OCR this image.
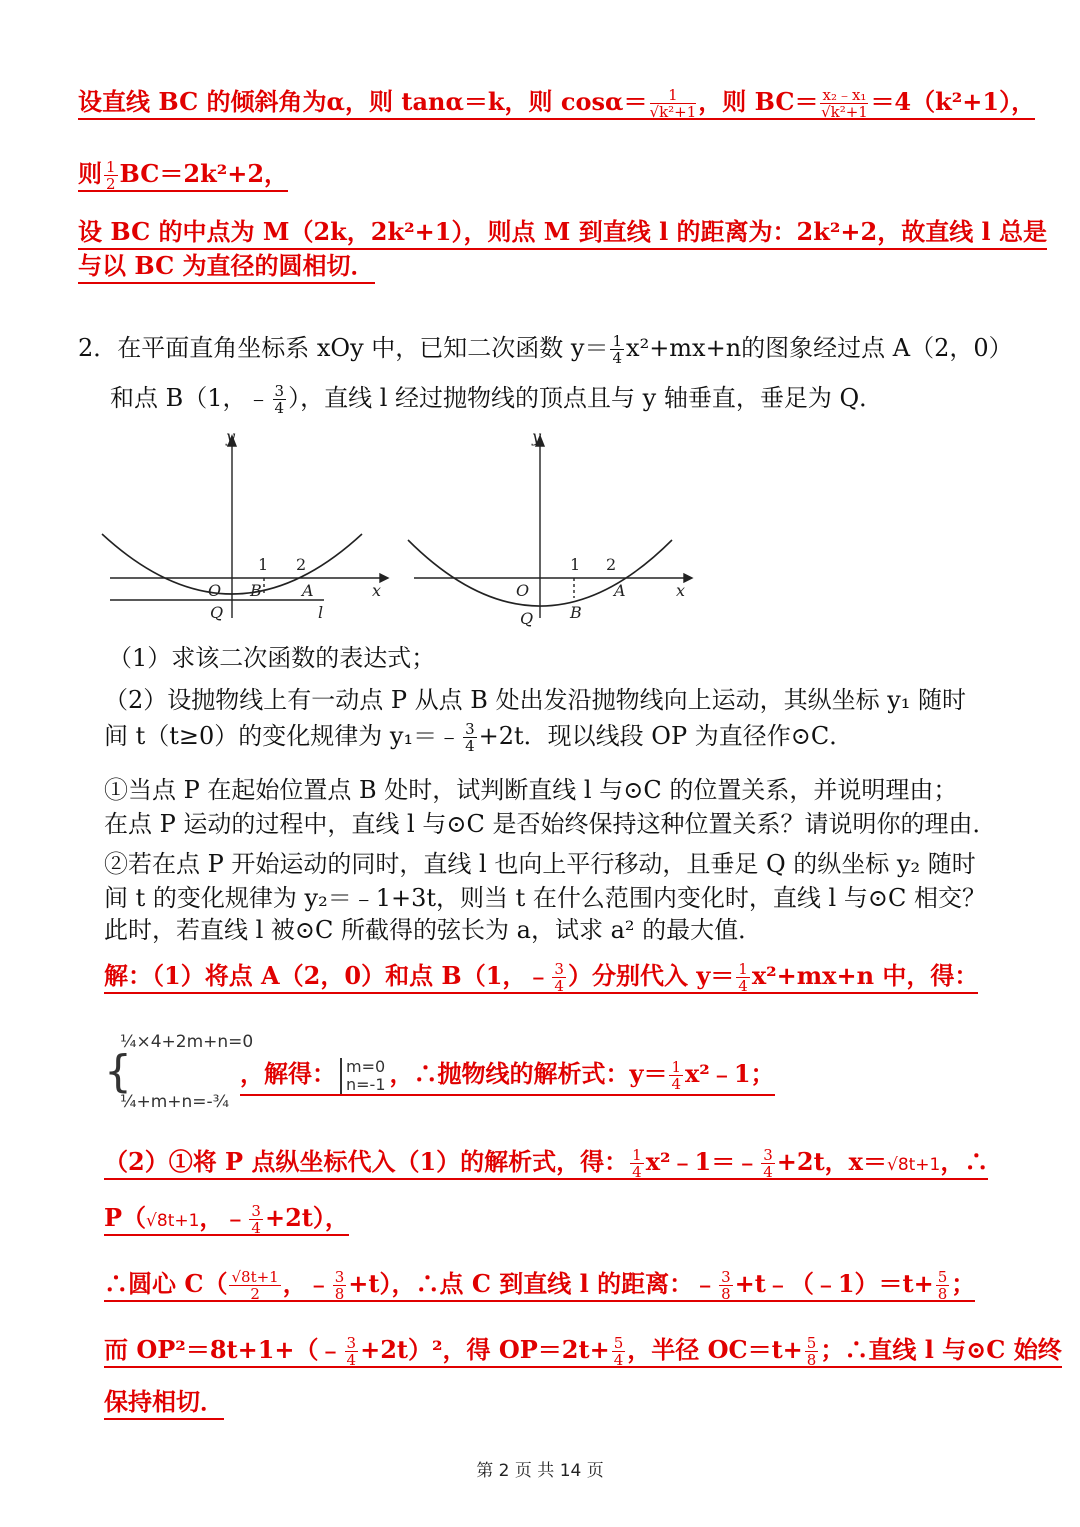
设直线 BC 的倾斜角为α，则 tanα＝k，则 $\cos\alpha= \frac{1}{\text{√k²+1}}$ ，则 $BC= \frac{\text{x₂﹣x₁}}{\text{√k²+1}} =4(k^2+1)$，
则 $\frac{1}{2} BC=2k^2+2$，
设 BC 的中点为 M（2k，2k²+1），则点 M 到直线 l 的距离为：2k²+2，故直线 l 总是
与以 BC 为直径的圆相切．
2．在平面直角坐标系 xOy 中，已知二次函数 $y= \frac{1}{4} x^2+mx+n$的图象经过点 A（2，0）
和点 B（1，﹣ $\frac{3}{4}$ ），直线 l 经过抛物线的顶点且与 y 轴垂直，垂足为 Q．
y
x
O B	A
Q	l
1 2
y
x
O
B
A
Q
1 2
（1）求该二次函数的表达式；
（2）设抛物线上有一动点 P 从点 B 处出发沿抛物线向上运动，其纵坐标 y₁ 随时
间 t（t≥0）的变化规律为 y₁＝﹣ $\frac{3}{4} +2t$．现以线段 OP 为直径作⊙C．
①当点 P 在起始位置点 B 处时，试判断直线 l 与⊙C 的位置关系，并说明理由；
在点 P 运动的过程中，直线 l 与⊙C 是否始终保持这种位置关系？请说明你的理由．
②若在点 P 开始运动的同时，直线 l 也向上平行移动，且垂足 Q 的纵坐标 y₂ 随时
间 t 的变化规律为 y₂＝﹣1+3t，则当 t 在什么范围内变化时，直线 l 与⊙C 相交？
此时，若直线 l 被⊙C 所截得的弦长为 a，试求 a² 的最大值．
解：（1）将点 A（2，0）和点 B（1，﹣ $\frac{3}{4}$ ）分别代入 $y= \frac{1}{4} x^2+mx+n$ 中，得：
{
¼×4+2m+n=0
¼+m+n=-¾
，解得： m=0
n=-1 ，∴抛物线的解析式：$y= \frac{1}{4}$ x²﹣1；
（2）①将 P 点纵坐标代入（1）的解析式，得： $\frac{1}{4}$ x²﹣1＝﹣ $\frac{3}{4} +2t$，x＝√8t+1，∴
P（√8t+1，﹣ $\frac{3}{4} +2t$），
∴圆心 $C( \frac{√8t+1}{2}$ ，﹣ $\frac{3}{8} +t$），∴点 C 到直线 l 的距离：﹣ $\frac{3}{8}$ +t﹣（﹣1）＝t+ $\frac{5}{8}$ ；
而 OP²＝8t+1+（﹣ $\frac{3}{4} +2t)^2$，得 $OP=2t+ \frac{5}{4}$ ，半径 $OC=t+ \frac{5}{8}$ ；∴直线 l 与⊙C 始终
保持相切．
第 2 页 共 14 页
